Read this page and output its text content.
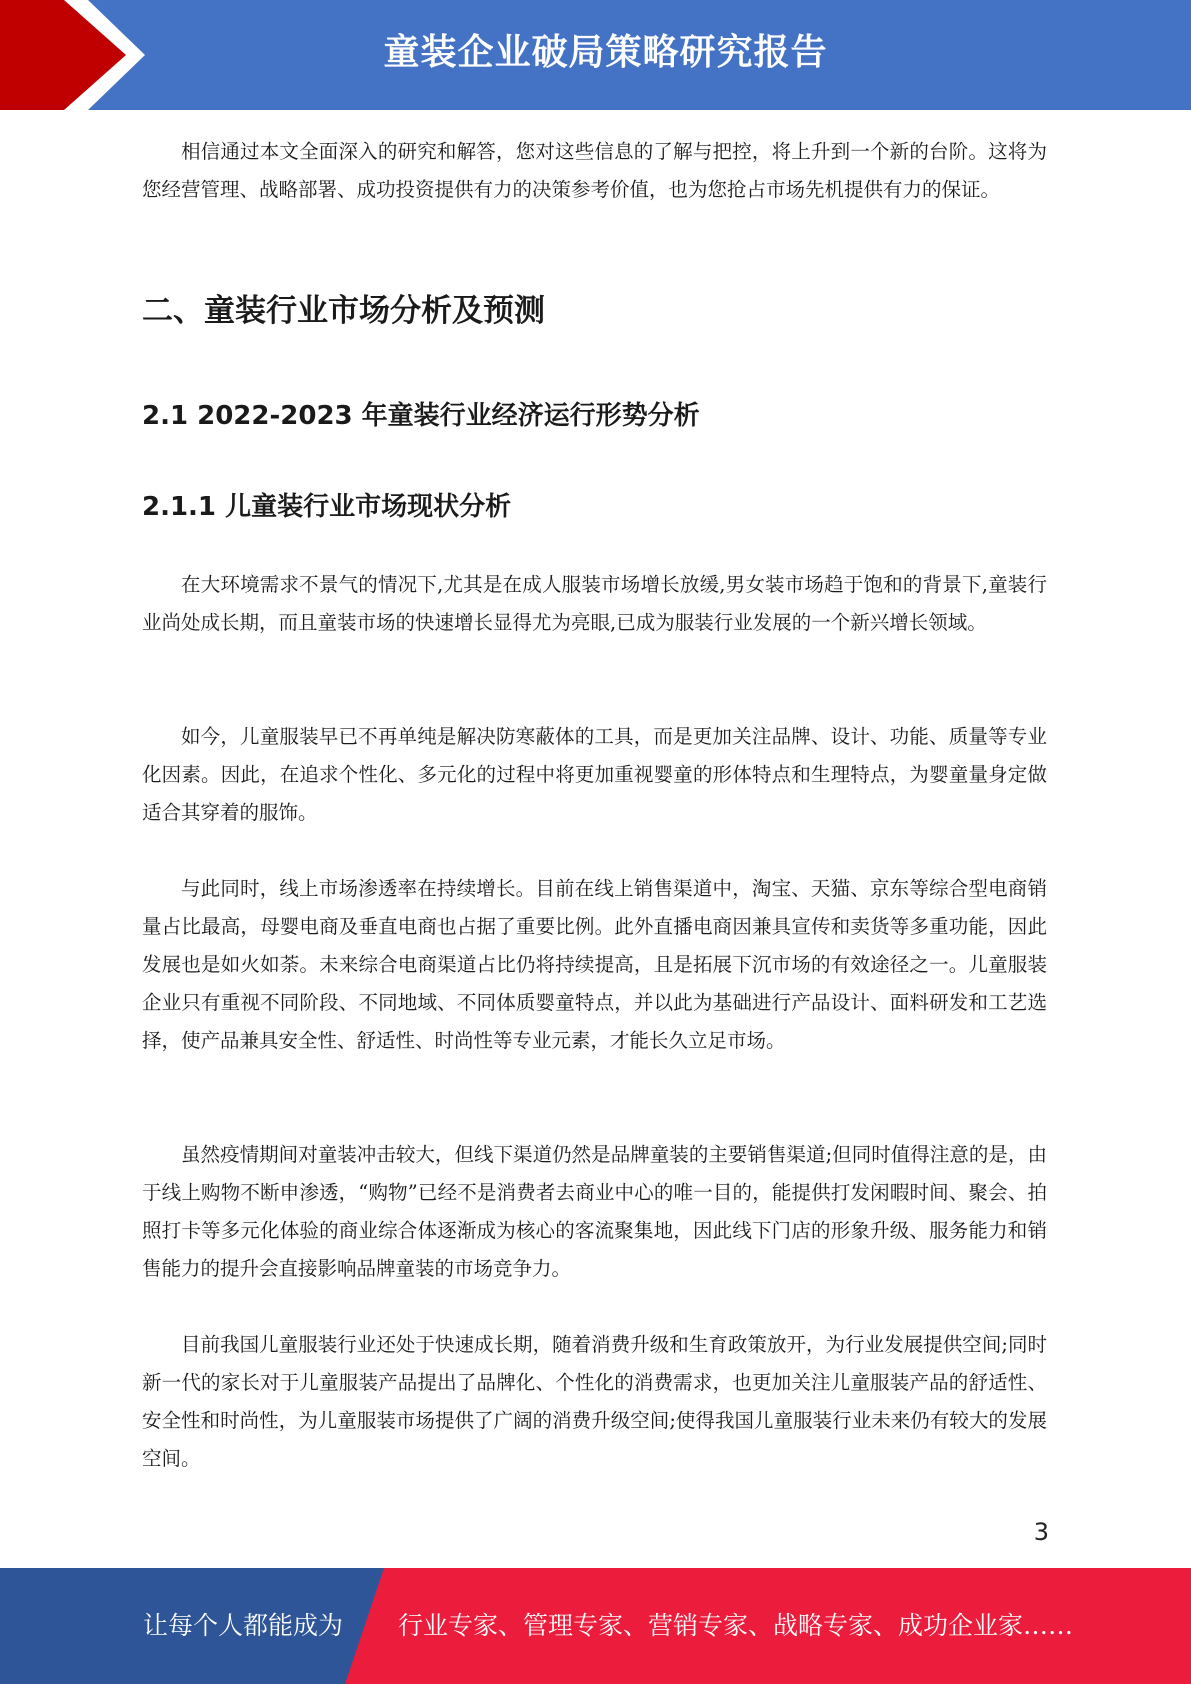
童装企业破局策略研究报告

相信通过本文全面深入的研究和解答，您对这些信息的了解与把控，将上升到一个新的台阶。这将为您经营管理、战略部署、成功投资提供有力的决策参考价值，也为您抢占市场先机提供有力的保证。

二、童装行业市场分析及预测
2.1 2022-2023 年童装行业经济运行形势分析
2.1.1 儿童装行业市场现状分析

在大环境需求不景气的情况下,尤其是在成人服装市场增长放缓,男女装市场趋于饱和的背景下,童装行业尚处成长期，而且童装市场的快速增长显得尤为亮眼,已成为服装行业发展的一个新兴增长领域。

如今，儿童服装早已不再单纯是解决防寒蔽体的工具，而是更加关注品牌、设计、功能、质量等专业化因素。因此，在追求个性化、多元化的过程中将更加重视婴童的形体特点和生理特点，为婴童量身定做适合其穿着的服饰。

与此同时，线上市场渗透率在持续增长。目前在线上销售渠道中，淘宝、天猫、京东等综合型电商销量占比最高，母婴电商及垂直电商也占据了重要比例。此外直播电商因兼具宣传和卖货等多重功能，因此发展也是如火如荼。未来综合电商渠道占比仍将持续提高，且是拓展下沉市场的有效途径之一。儿童服装企业只有重视不同阶段、不同地域、不同体质婴童特点，并以此为基础进行产品设计、面料研发和工艺选择，使产品兼具安全性、舒适性、时尚性等专业元素，才能长久立足市场。

虽然疫情期间对童装冲击较大，但线下渠道仍然是品牌童装的主要销售渠道;但同时值得注意的是，由于线上购物不断申渗透，“购物”已经不是消费者去商业中心的唯一目的，能提供打发闲暇时间、聚会、拍照打卡等多元化体验的商业综合体逐渐成为核心的客流聚集地，因此线下门店的形象升级、服务能力和销售能力的提升会直接影响品牌童装的市场竞争力。

目前我国儿童服装行业还处于快速成长期，随着消费升级和生育政策放开，为行业发展提供空间;同时新一代的家长对于儿童服装产品提出了品牌化、个性化的消费需求，也更加关注儿童服装产品的舒适性、安全性和时尚性，为儿童服装市场提供了广阔的消费升级空间;使得我国儿童服装行业未来仍有较大的发展空间。

3
让每个人都能成为 行业专家、管理专家、营销专家、战略专家、成功企业家……
